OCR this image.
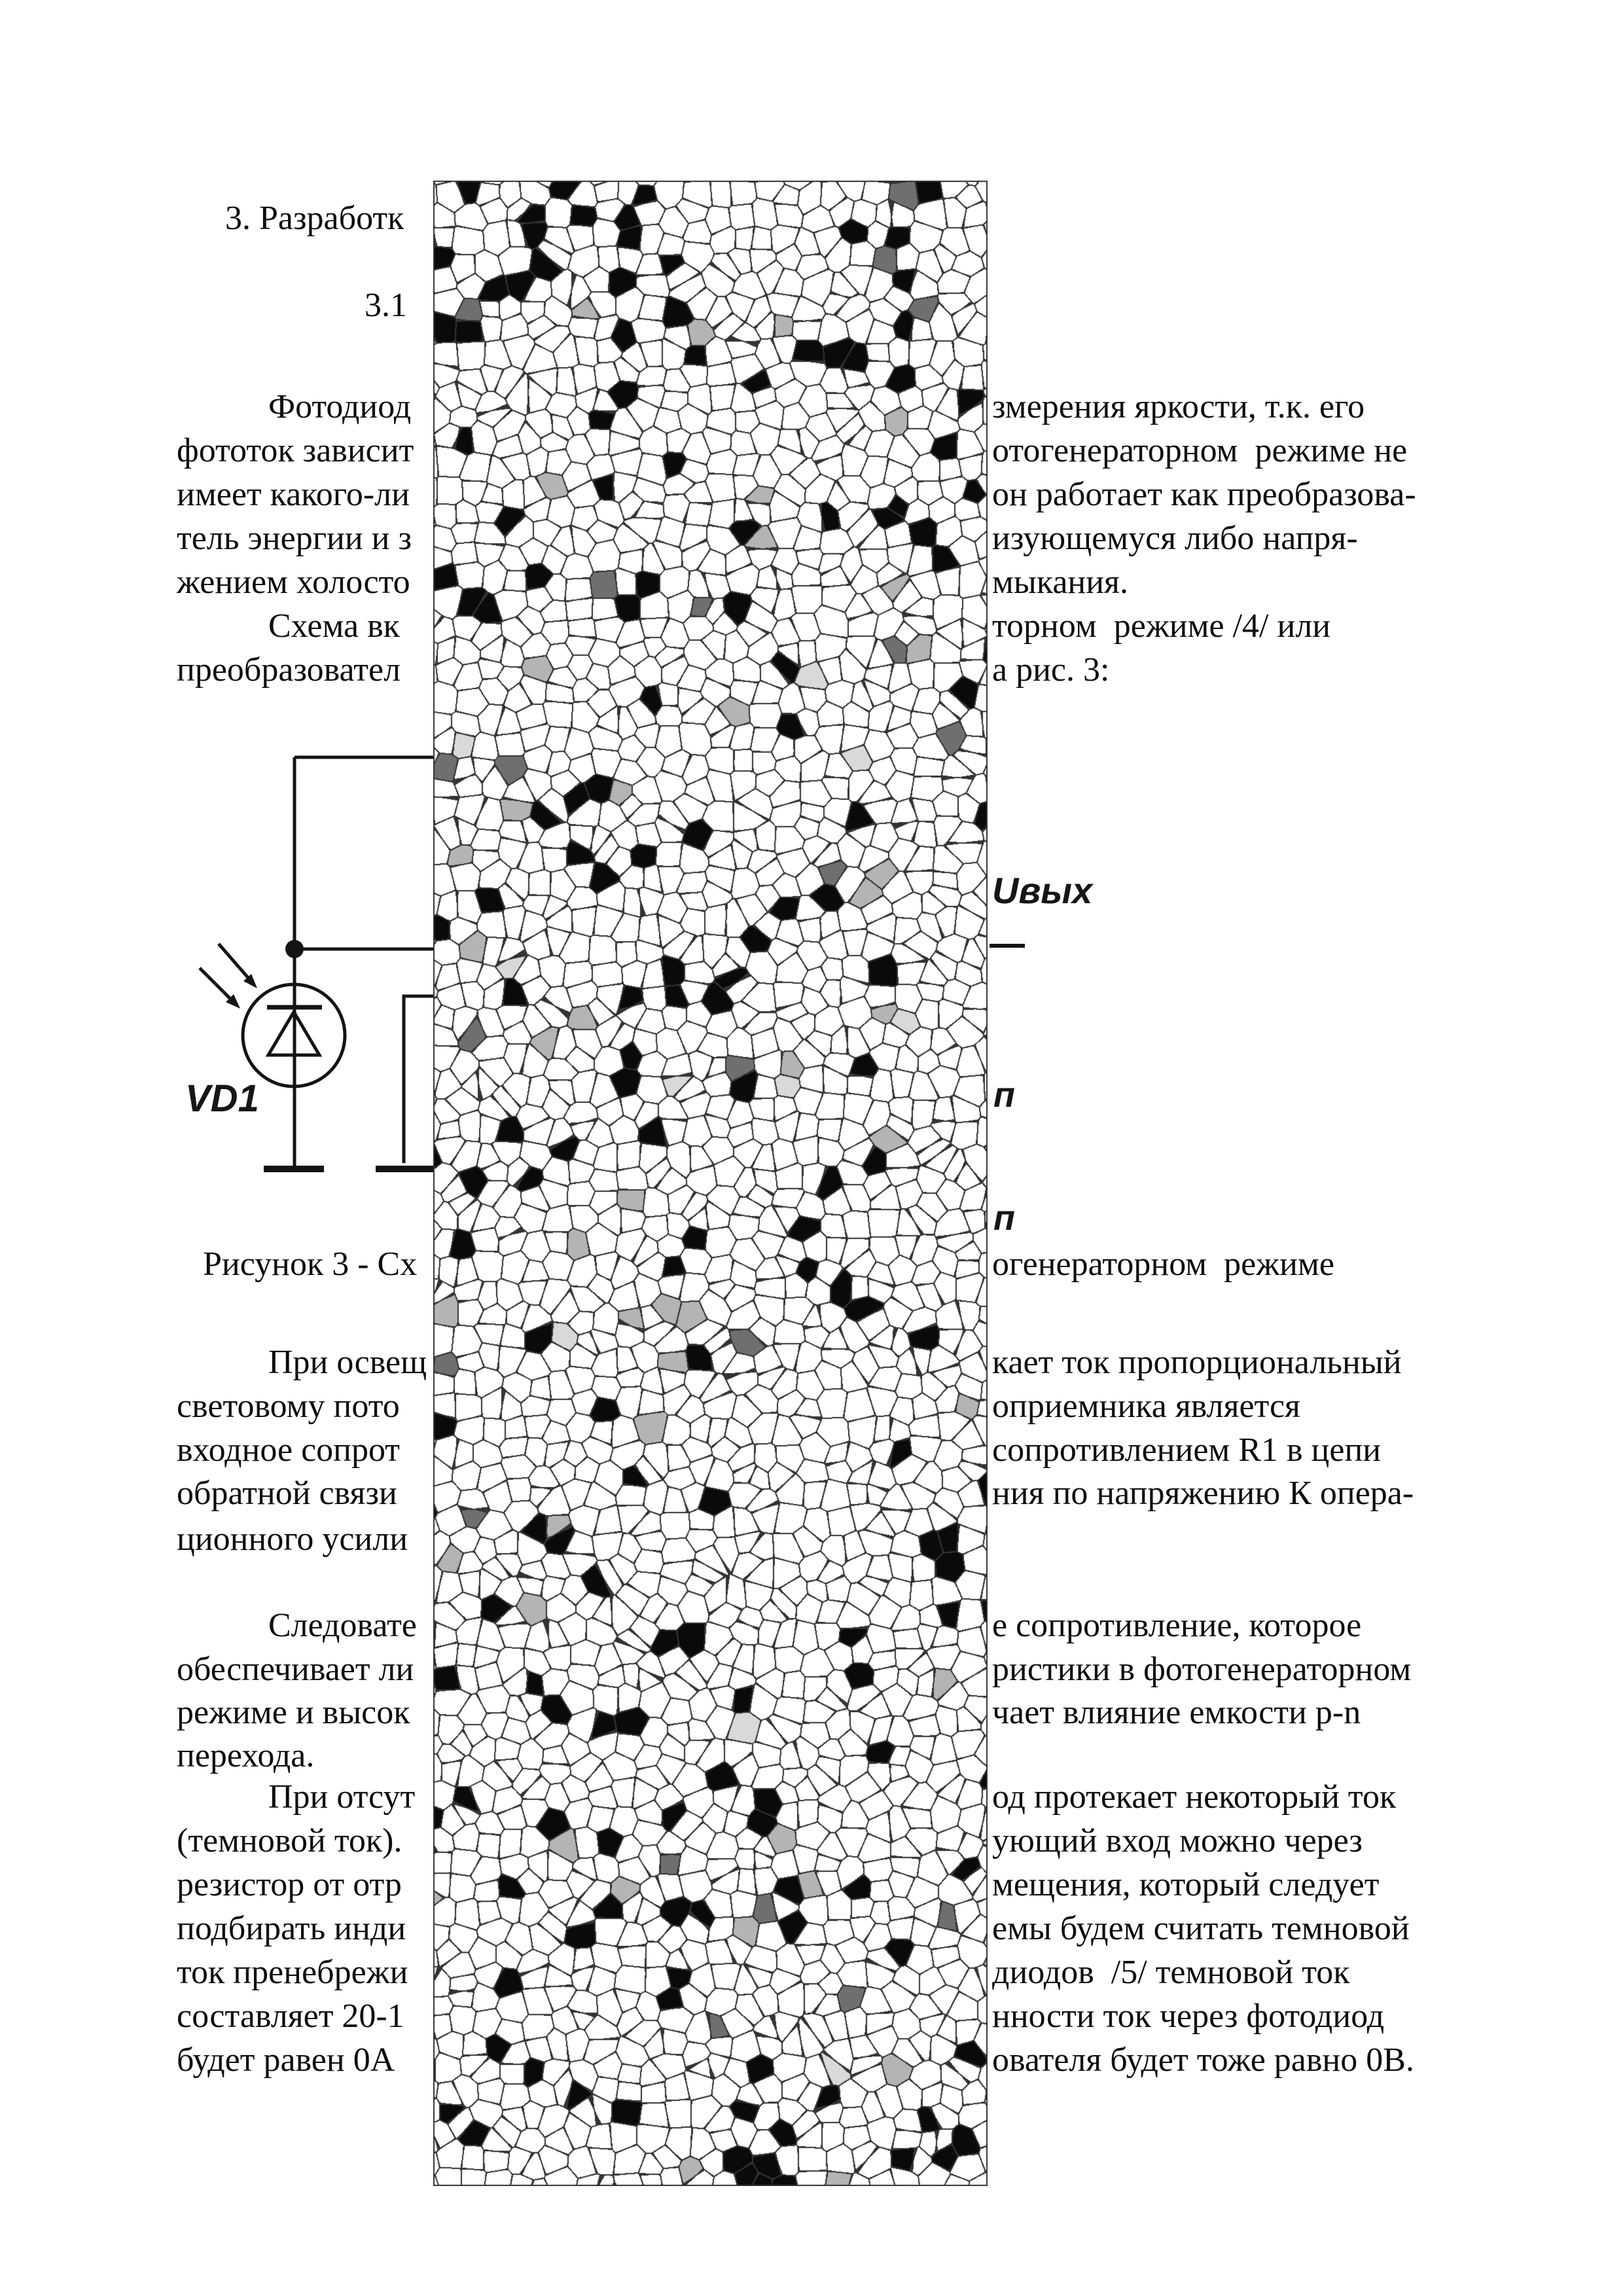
3. Разработк
3.1
Фотодиод	змерения яркости, т.к. его
фототок зависит	отогенераторном  режиме не
имеет какого-ли	он работает как преобразова-
тель энергии и з	изующемуся либо напря-
жением холосто	мыкания.
Схема вк	торном  режиме /4/ или
преобразовател	а рис. 3:
Рисунок 3 - Сх	огенераторном  режиме
При освещ	кает ток пропорциональный
световому пото	оприемника является
входное сопрот	сопротивлением R1 в цепи
обратной связи	ния по напряжению К опера-
ционного усили
Следовате	е сопротивление, которое
обеспечивает ли	ристики в фотогенераторном
режиме и высок	чает влияние емкости p-n
перехода.
При отсут	од протекает некоторый ток
(темновой ток).	ующий вход можно через
резистор от отр	мещения, который следует
подбирать инди	емы будем считать темновой
ток пренебрежи	диодов  /5/ темновой ток
составляет 20-1	нности ток через фотодиод
будет равен 0А	ователя будет тоже равно 0В.
VD1
Uвых
п
п
